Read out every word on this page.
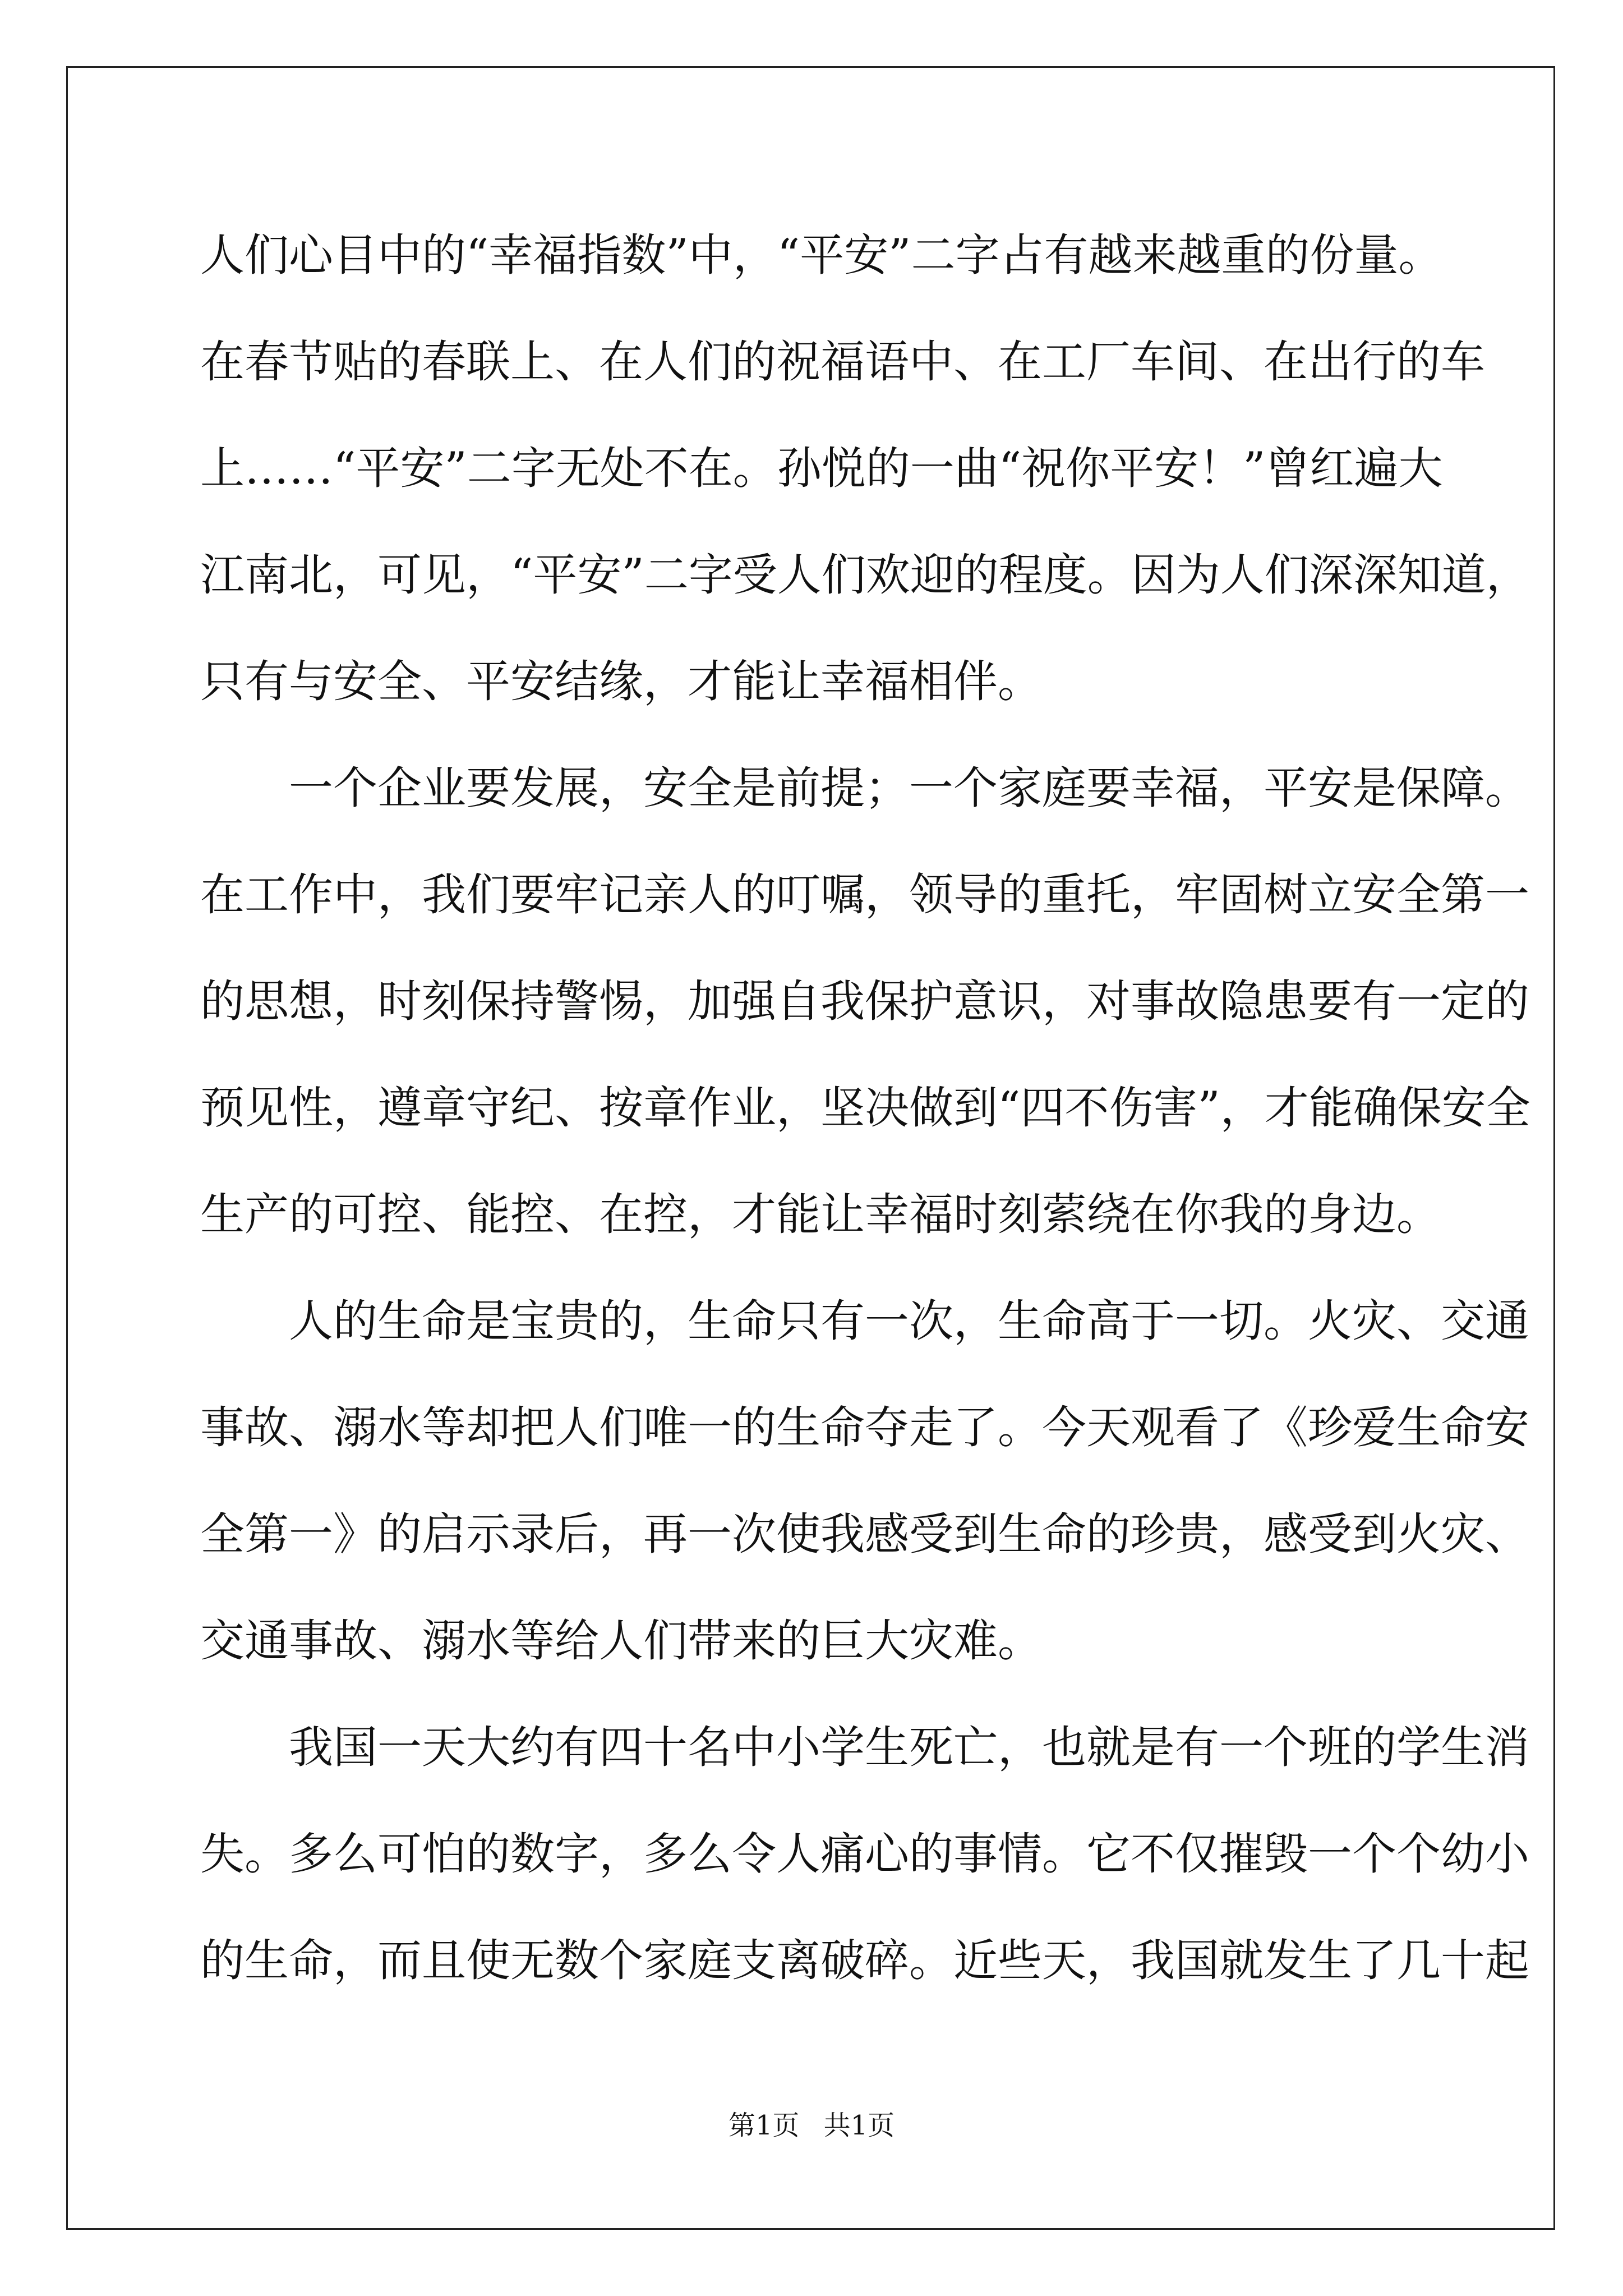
人们心目中的“幸福指数”中，“平安”二字占有越来越重的份量。
在春节贴的春联上、在人们的祝福语中、在工厂车间、在出行的车
上……“平安”二字无处不在。孙悦的一曲“祝你平安！”曾红遍大
江南北，可见，“平安”二字受人们欢迎的程度。因为人们深深知道，
只有与安全、平安结缘，才能让幸福相伴。
一个企业要发展，安全是前提；一个家庭要幸福，平安是保障。
在工作中，我们要牢记亲人的叮嘱，领导的重托，牢固树立安全第一
的思想，时刻保持警惕，加强自我保护意识，对事故隐患要有一定的
预见性，遵章守纪、按章作业，坚决做到“四不伤害”，才能确保安全
生产的可控、能控、在控，才能让幸福时刻萦绕在你我的身边。
人的生命是宝贵的，生命只有一次，生命高于一切。火灾、交通
事故、溺水等却把人们唯一的生命夺走了。今天观看了《珍爱生命安
全第一》的启示录后，再一次使我感受到生命的珍贵，感受到火灾、
交通事故、溺水等给人们带来的巨大灾难。
我国一天大约有四十名中小学生死亡，也就是有一个班的学生消
失。多么可怕的数字，多么令人痛心的事情。它不仅摧毁一个个幼小
的生命，而且使无数个家庭支离破碎。近些天，我国就发生了几十起
第1页 共1页
